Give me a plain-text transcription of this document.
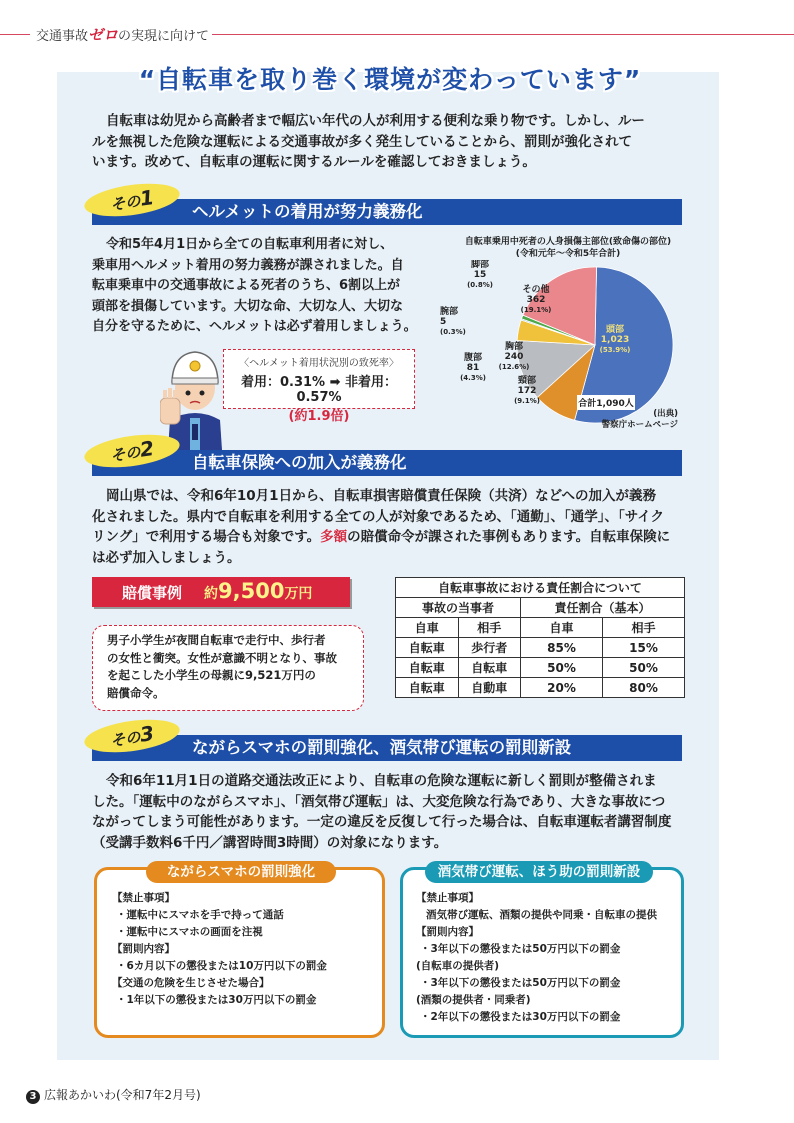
交通事故ゼロの実現に向けて
“自転車を取り巻く環境が変わっています”
自転車は幼児から高齢者まで幅広い年代の人が利用する便利な乗り物です。しかし、ルー
ルを無視した危険な運転による交通事故が多く発生していることから、罰則が強化されて
います。改めて、自転車の運転に関するルールを確認しておきましょう。
その1
ヘルメットの着用が努力義務化
令和5年4月1日から全ての自転車利用者に対し、
乗車用ヘルメット着用の努力義務が課されました。自
転車乗車中の交通事故による死者のうち、6割以上が
頭部を損傷しています。大切な命、大切な人、大切な
自分を守るために、ヘルメットは必ず着用しましょう。
〈ヘルメット着用状況別の致死率〉
着用：0.31% ➡ 非着用：0.57%
(約1.9倍)
自転車乗用中死者の人身損傷主部位(致命傷の部位)
(令和元年～令和5年合計)
頭部 1,023 (53.9%)
頸部 172 (9.1%)
胸部 240 (12.6%)
腹部 81 (4.3%)
腕部 5 (0.3%)
脚部 15 (0.8%)	その他 362 (19.1%)
合計1,090人
(出典)
警察庁ホームページ
その2
自転車保険への加入が義務化
岡山県では、令和6年10月1日から、自転車損害賠償責任保険（共済）などへの加入が義務
化されました。県内で自転車を利用する全ての人が対象であるため、「通勤」、「通学」、「サイク
リング」で利用する場合も対象です。多額の賠償命令が課された事例もあります。自転車保険に
は必ず加入しましょう。
賠償事例 約9,500万円
男子小学生が夜間自転車で走行中、歩行者
の女性と衝突。女性が意識不明となり、事故
を起こした小学生の母親に9,521万円の
賠償命令。
自転車事故における責任割合について			
事故の当事者		責任割合（基本）	
自車	相手	自車	相手
自転車	歩行者	85%	15%
自転車	自転車	50%	50%
自転車	自動車	20%	80%
その3
ながらスマホの罰則強化、酒気帯び運転の罰則新設
令和6年11月1日の道路交通法改正により、自転車の危険な運転に新しく罰則が整備されま
した。「運転中のながらスマホ」、「酒気帯び運転」は、大変危険な行為であり、大きな事故につ
ながってしまう可能性があります。一定の違反を反復して行った場合は、自転車運転者講習制度
（受講手数料6千円／講習時間3時間）の対象になります。
ながらスマホの罰則強化
【禁止事項】
・運転中にスマホを手で持って通話
・運転中にスマホの画面を注視
【罰則内容】
・6カ月以下の懲役または10万円以下の罰金
【交通の危険を生じさせた場合】
・1年以下の懲役または30万円以下の罰金
酒気帯び運転、ほう助の罰則新設
【禁止事項】
酒気帯び運転、酒類の提供や同乗・自転車の提供
【罰則内容】
・3年以下の懲役または50万円以下の罰金
(自転車の提供者)
・3年以下の懲役または50万円以下の罰金
(酒類の提供者・同乗者)
・2年以下の懲役または30万円以下の罰金
3 広報あかいわ(令和7年2月号)
